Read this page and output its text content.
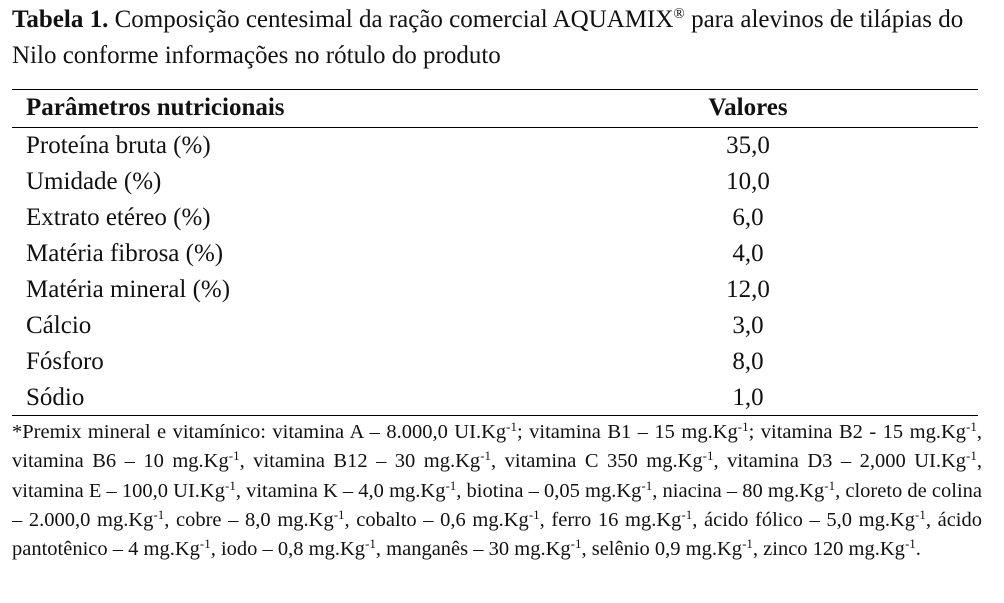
Tabela 1. Composição centesimal da ração comercial AQUAMIX® para alevinos de tilápias do Nilo conforme informações no rótulo do produto
Parâmetros nutricionais	Valores
Proteína bruta (%)	35,0
Umidade (%)	10,0
Extrato etéreo (%)	6,0
Matéria fibrosa (%)	4,0
Matéria mineral (%)	12,0
Cálcio	3,0
Fósforo	8,0
Sódio	1,0
*Premix mineral e vitamínico: vitamina A – 8.000,0 $UI.Kg^{-1}$; vitamina B1 – 15 $mg.Kg^{-1}$; vitamina B2 - 15 $mg.Kg^{-1}$, vitamina B6 – 10 $mg.Kg^{-1}$, vitamina B12 – 30 $mg.Kg^{-1}$, vitamina C 350 $mg.Kg^{-1}$, vitamina D3 – 2,000 $UI.Kg^{-1}$, vitamina E – 100,0 $UI.Kg^{-1}$, vitamina K – 4,0 $mg.Kg^{-1}$, biotina – 0,05 $mg.Kg^{-1}$, niacina – 80 $mg.Kg^{-1}$, cloreto de colina – 2.000,0 $mg.Kg^{-1}$, cobre – 8,0 $mg.Kg^{-1}$, cobalto – 0,6 $mg.Kg^{-1}$, ferro 16 $mg.Kg^{-1}$, ácido fólico – 5,0 $mg.Kg^{-1}$, ácido pantotênico – 4 $mg.Kg^{-1}$, iodo – 0,8 $mg.Kg^{-1}$, manganês – 30 $mg.Kg^{-1}$, selênio 0,9 $mg.Kg^{-1}$, zinco 120 $mg.Kg^{-1}$.
